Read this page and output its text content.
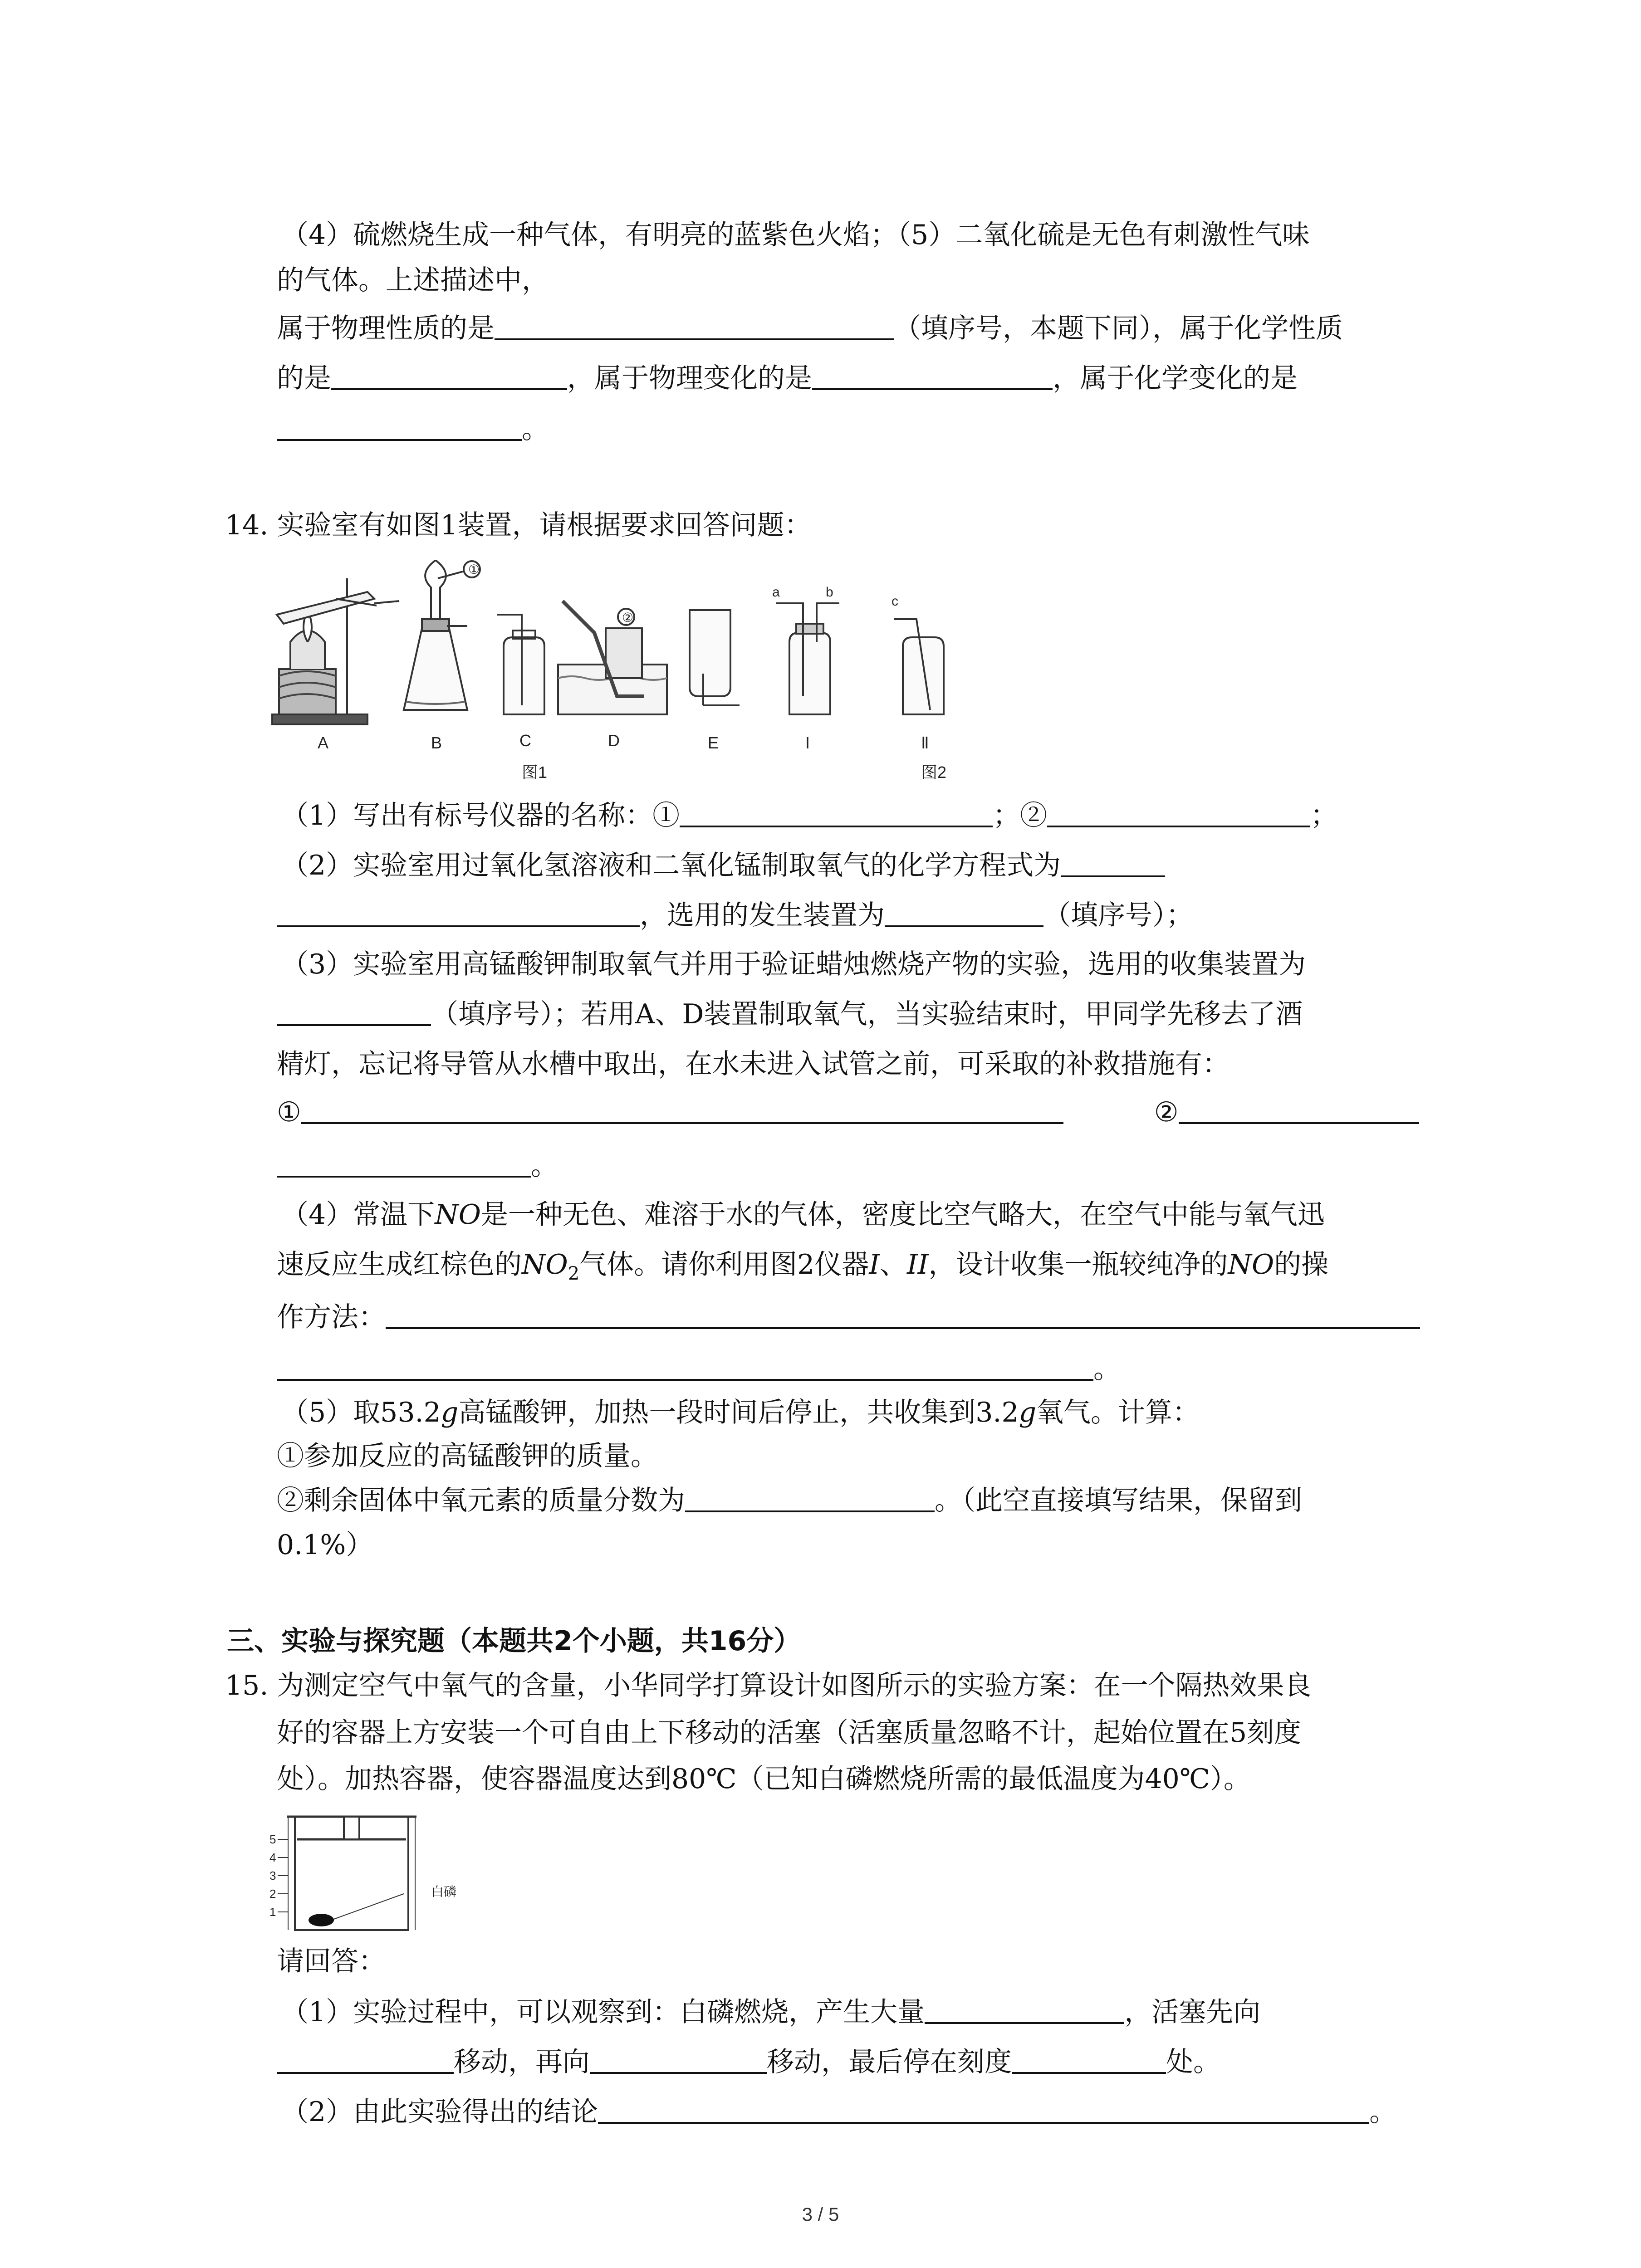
（4）硫燃烧生成一种气体，有明亮的蓝紫色火焰；（5）二氧化硫是无色有刺激性气味
的气体。上述描述中，
属于物理性质的是	（填序号，本题下同），属于化学性质
的是	，属于物理变化的是	，属于化学变化的是
。
14. 实验室有如图1装置，请根据要求回答问题：
①
②
a	b
c
A	B	C	D	E	I	Ⅱ
图1	图2
（1）写出有标号仪器的名称：①	；②	；
（2）实验室用过氧化氢溶液和二氧化锰制取氧气的化学方程式为
，选用的发生装置为	（填序号）；
（3）实验室用高锰酸钾制取氧气并用于验证蜡烛燃烧产物的实验，选用的收集装置为
（填序号）；若用A、D装置制取氧气，当实验结束时，甲同学先移去了酒
精灯，忘记将导管从水槽中取出，在水未进入试管之前，可采取的补救措施有：
①	②
。
（4）常温下NO是一种无色、难溶于水的气体，密度比空气略大，在空气中能与氧气迅
速反应生成红棕色的$NO_2$气体。请你利用图2仪器I、II，设计收集一瓶较纯净的NO的操
作方法：
。
（5）取53.2g高锰酸钾，加热一段时间后停止，共收集到3.2g氧气。计算：
①参加反应的高锰酸钾的质量。
②剩余固体中氧元素的质量分数为	。（此空直接填写结果，保留到
0.1%）
三、实验与探究题（本题共2个小题，共16分）
15. 为测定空气中氧气的含量，小华同学打算设计如图所示的实验方案：在一个隔热效果良
好的容器上方安装一个可自由上下移动的活塞（活塞质量忽略不计，起始位置在5刻度
处）。加热容器，使容器温度达到80℃（已知白磷燃烧所需的最低温度为40℃）。
5
4
3
2
1
白磷
请回答：
（1）实验过程中，可以观察到：白磷燃烧，产生大量	，活塞先向
移动，再向	移动，最后停在刻度	处。
（2）由此实验得出的结论	。
3 / 5
